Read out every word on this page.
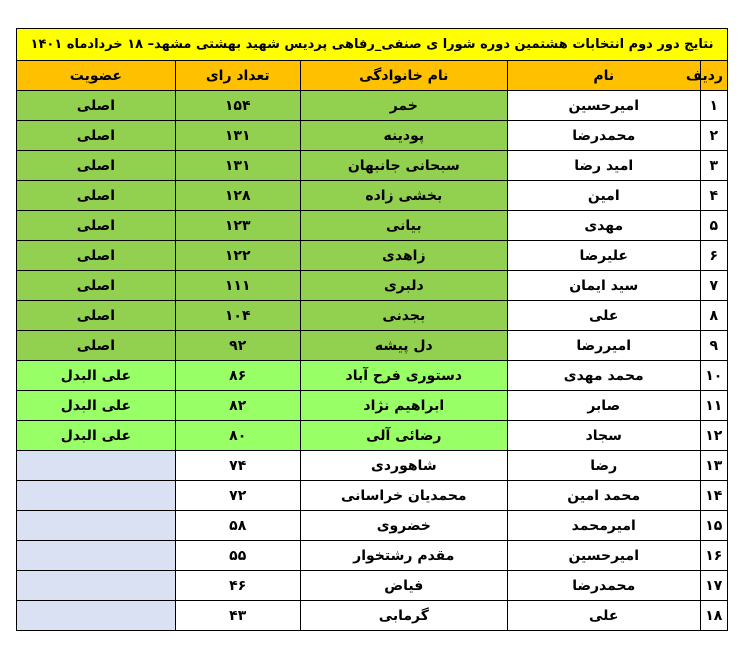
نتایج دور دوم انتخابات هشتمین دوره شورا ی صنفی_رفاهی پردیس شهید بهشتی مشهد– ۱۸ خردادماه ۱۴۰۱				
ردیف	نام	نام خانوادگی	تعداد رای	عضویت
۱	امیرحسین	خمر	۱۵۴	اصلی
۲	محمدرضا	پودینه	۱۳۱	اصلی
۳	امید رضا	سبحانی جانبهان	۱۳۱	اصلی
۴	امین	بخشی زاده	۱۲۸	اصلی
۵	مهدی	بیانی	۱۲۳	اصلی
۶	علیرضا	زاهدی	۱۲۲	اصلی
۷	سید ایمان	دلبری	۱۱۱	اصلی
۸	علی	بجدنی	۱۰۴	اصلی
۹	امیررضا	دل پیشه	۹۲	اصلی
۱۰	محمد مهدی	دستوری فرح آباد	۸۶	علی البدل
۱۱	صابر	ابراهیم نژاد	۸۲	علی البدل
۱۲	سجاد	رضائی آلی	۸۰	علی البدل
۱۳	رضا	شاهوردی	۷۴	
۱۴	محمد امین	محمدیان خراسانی	۷۲	
۱۵	امیرمحمد	خضروی	۵۸	
۱۶	امیرحسین	مقدم رشتخوار	۵۵	
۱۷	محمدرضا	فیاض	۴۶	
۱۸	علی	گرمابی	۴۳	
